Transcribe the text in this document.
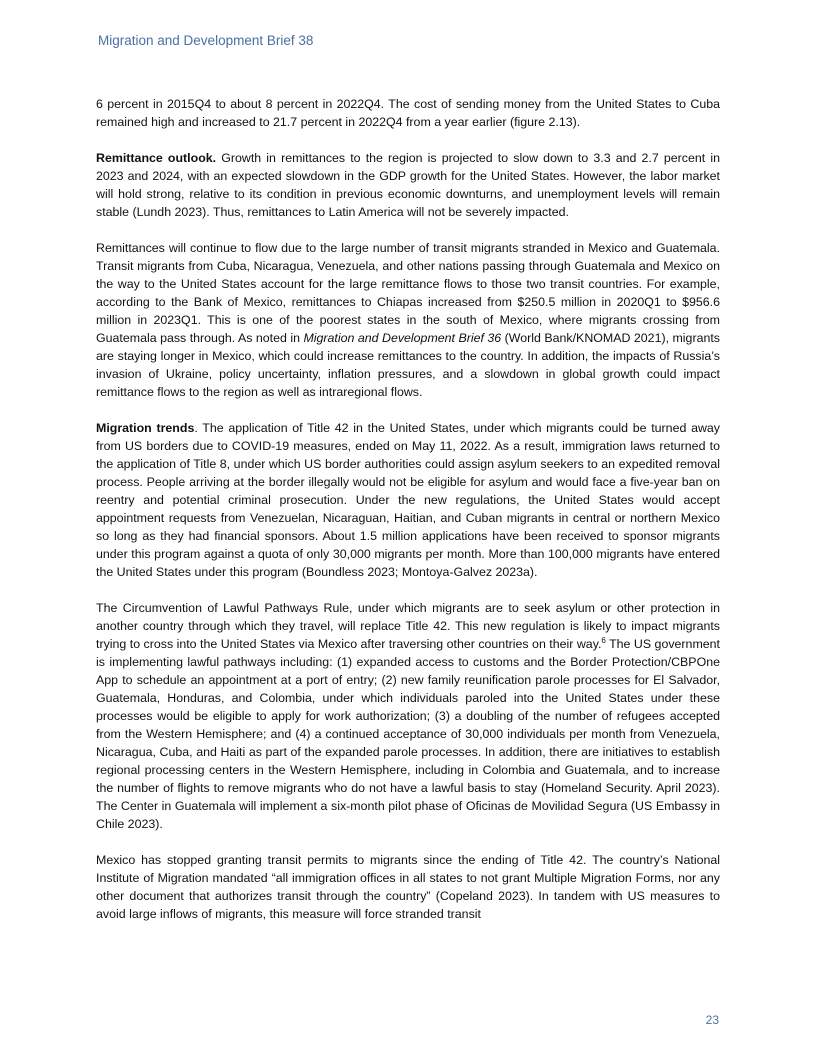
Migration and Development Brief 38

6 percent in 2015Q4 to about 8 percent in 2022Q4. The cost of sending money from the United States to Cuba remained high and increased to 21.7 percent in 2022Q4 from a year earlier (figure 2.13).

Remittance outlook. Growth in remittances to the region is projected to slow down to 3.3 and 2.7 percent in 2023 and 2024, with an expected slowdown in the GDP growth for the United States. However, the labor market will hold strong, relative to its condition in previous economic downturns, and unemployment levels will remain stable (Lundh 2023). Thus, remittances to Latin America will not be severely impacted.

Remittances will continue to flow due to the large number of transit migrants stranded in Mexico and Guatemala. Transit migrants from Cuba, Nicaragua, Venezuela, and other nations passing through Guatemala and Mexico on the way to the United States account for the large remittance flows to those two transit countries. For example, according to the Bank of Mexico, remittances to Chiapas increased from $250.5 million in 2020Q1 to $956.6 million in 2023Q1. This is one of the poorest states in the south of Mexico, where migrants crossing from Guatemala pass through. As noted in Migration and Development Brief 36 (World Bank/KNOMAD 2021), migrants are staying longer in Mexico, which could increase remittances to the country. In addition, the impacts of Russia’s invasion of Ukraine, policy uncertainty, inflation pressures, and a slowdown in global growth could impact remittance flows to the region as well as intraregional flows.

Migration trends. The application of Title 42 in the United States, under which migrants could be turned away from US borders due to COVID-19 measures, ended on May 11, 2022. As a result, immigration laws returned to the application of Title 8, under which US border authorities could assign asylum seekers to an expedited removal process. People arriving at the border illegally would not be eligible for asylum and would face a five-year ban on reentry and potential criminal prosecution. Under the new regulations, the United States would accept appointment requests from Venezuelan, Nicaraguan, Haitian, and Cuban migrants in central or northern Mexico so long as they had financial sponsors. About 1.5 million applications have been received to sponsor migrants under this program against a quota of only 30,000 migrants per month. More than 100,000 migrants have entered the United States under this program (Boundless 2023; Montoya-Galvez 2023a).

The Circumvention of Lawful Pathways Rule, under which migrants are to seek asylum or other protection in another country through which they travel, will replace Title 42. This new regulation is likely to impact migrants trying to cross into the United States via Mexico after traversing other countries on their way.$^6$ The US government is implementing lawful pathways including: (1) expanded access to customs and the Border Protection/CBPOne App to schedule an appointment at a port of entry; (2) new family reunification parole processes for El Salvador, Guatemala, Honduras, and Colombia, under which individuals paroled into the United States under these processes would be eligible to apply for work authorization; (3) a doubling of the number of refugees accepted from the Western Hemisphere; and (4) a continued acceptance of 30,000 individuals per month from Venezuela, Nicaragua, Cuba, and Haiti as part of the expanded parole processes. In addition, there are initiatives to establish regional processing centers in the Western Hemisphere, including in Colombia and Guatemala, and to increase the number of flights to remove migrants who do not have a lawful basis to stay (Homeland Security. April 2023). The Center in Guatemala will implement a six-month pilot phase of Oficinas de Movilidad Segura (US Embassy in Chile 2023).

Mexico has stopped granting transit permits to migrants since the ending of Title 42. The country’s National Institute of Migration mandated “all immigration offices in all states to not grant Multiple Migration Forms, nor any other document that authorizes transit through the country” (Copeland 2023). In tandem with US measures to avoid large inflows of migrants, this measure will force stranded transit

23
